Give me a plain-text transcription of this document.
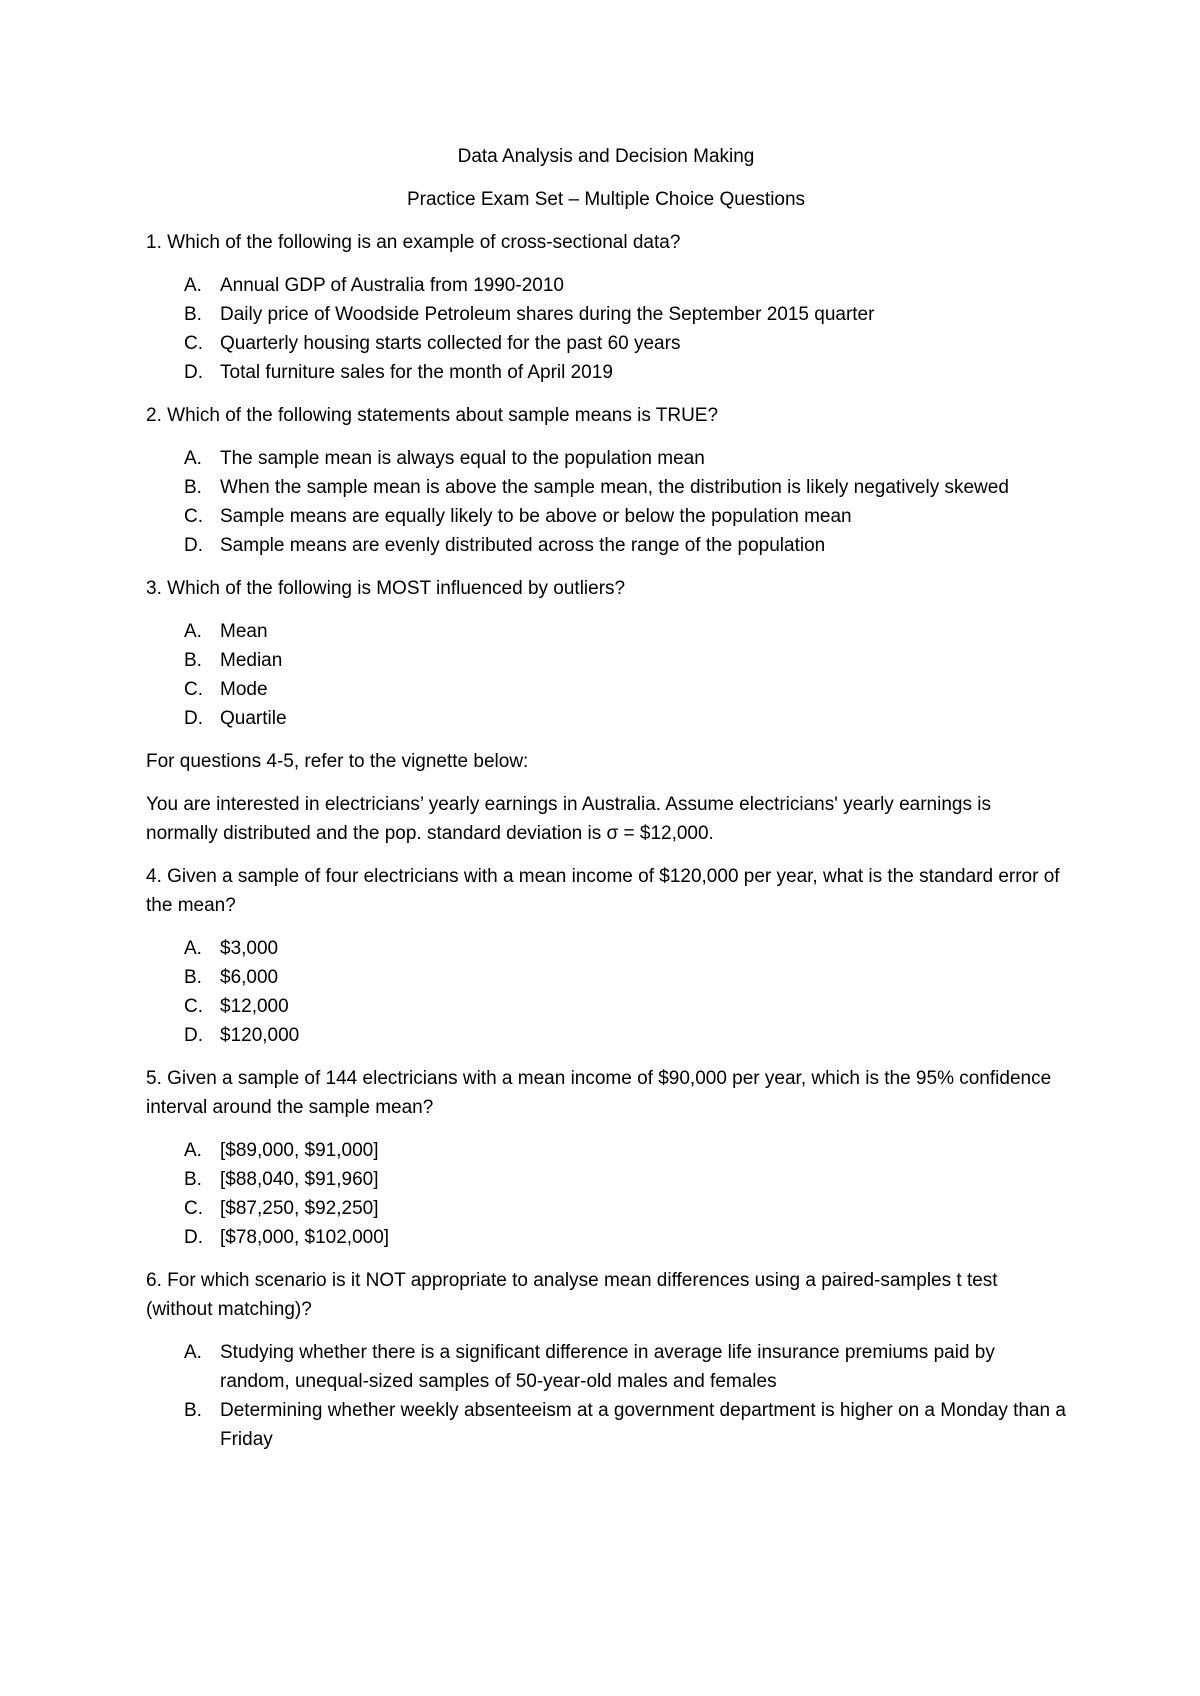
Data Analysis and Decision Making
Practice Exam Set – Multiple Choice Questions
1. Which of the following is an example of cross-sectional data?
A. Annual GDP of Australia from 1990-2010
B. Daily price of Woodside Petroleum shares during the September 2015 quarter
C. Quarterly housing starts collected for the past 60 years
D. Total furniture sales for the month of April 2019
2. Which of the following statements about sample means is TRUE?
A. The sample mean is always equal to the population mean
B. When the sample mean is above the sample mean, the distribution is likely negatively skewed
C. Sample means are equally likely to be above or below the population mean
D. Sample means are evenly distributed across the range of the population
3. Which of the following is MOST influenced by outliers?
A. Mean
B. Median
C. Mode
D. Quartile
For questions 4-5, refer to the vignette below:
You are interested in electricians’ yearly earnings in Australia. Assume electricians' yearly earnings is normally distributed and the pop. standard deviation is σ = $12,000.
4. Given a sample of four electricians with a mean income of $120,000 per year, what is the standard error of the mean?
A. $3,000
B. $6,000
C. $12,000
D. $120,000
5. Given a sample of 144 electricians with a mean income of $90,000 per year, which is the 95% confidence interval around the sample mean?
A. [$89,000, $91,000]
B. [$88,040, $91,960]
C. [$87,250, $92,250]
D. [$78,000, $102,000]
6. For which scenario is it NOT appropriate to analyse mean differences using a paired-samples t test (without matching)?
A. Studying whether there is a significant difference in average life insurance premiums paid by random, unequal-sized samples of 50-year-old males and females
B. Determining whether weekly absenteeism at a government department is higher on a Monday than a Friday
